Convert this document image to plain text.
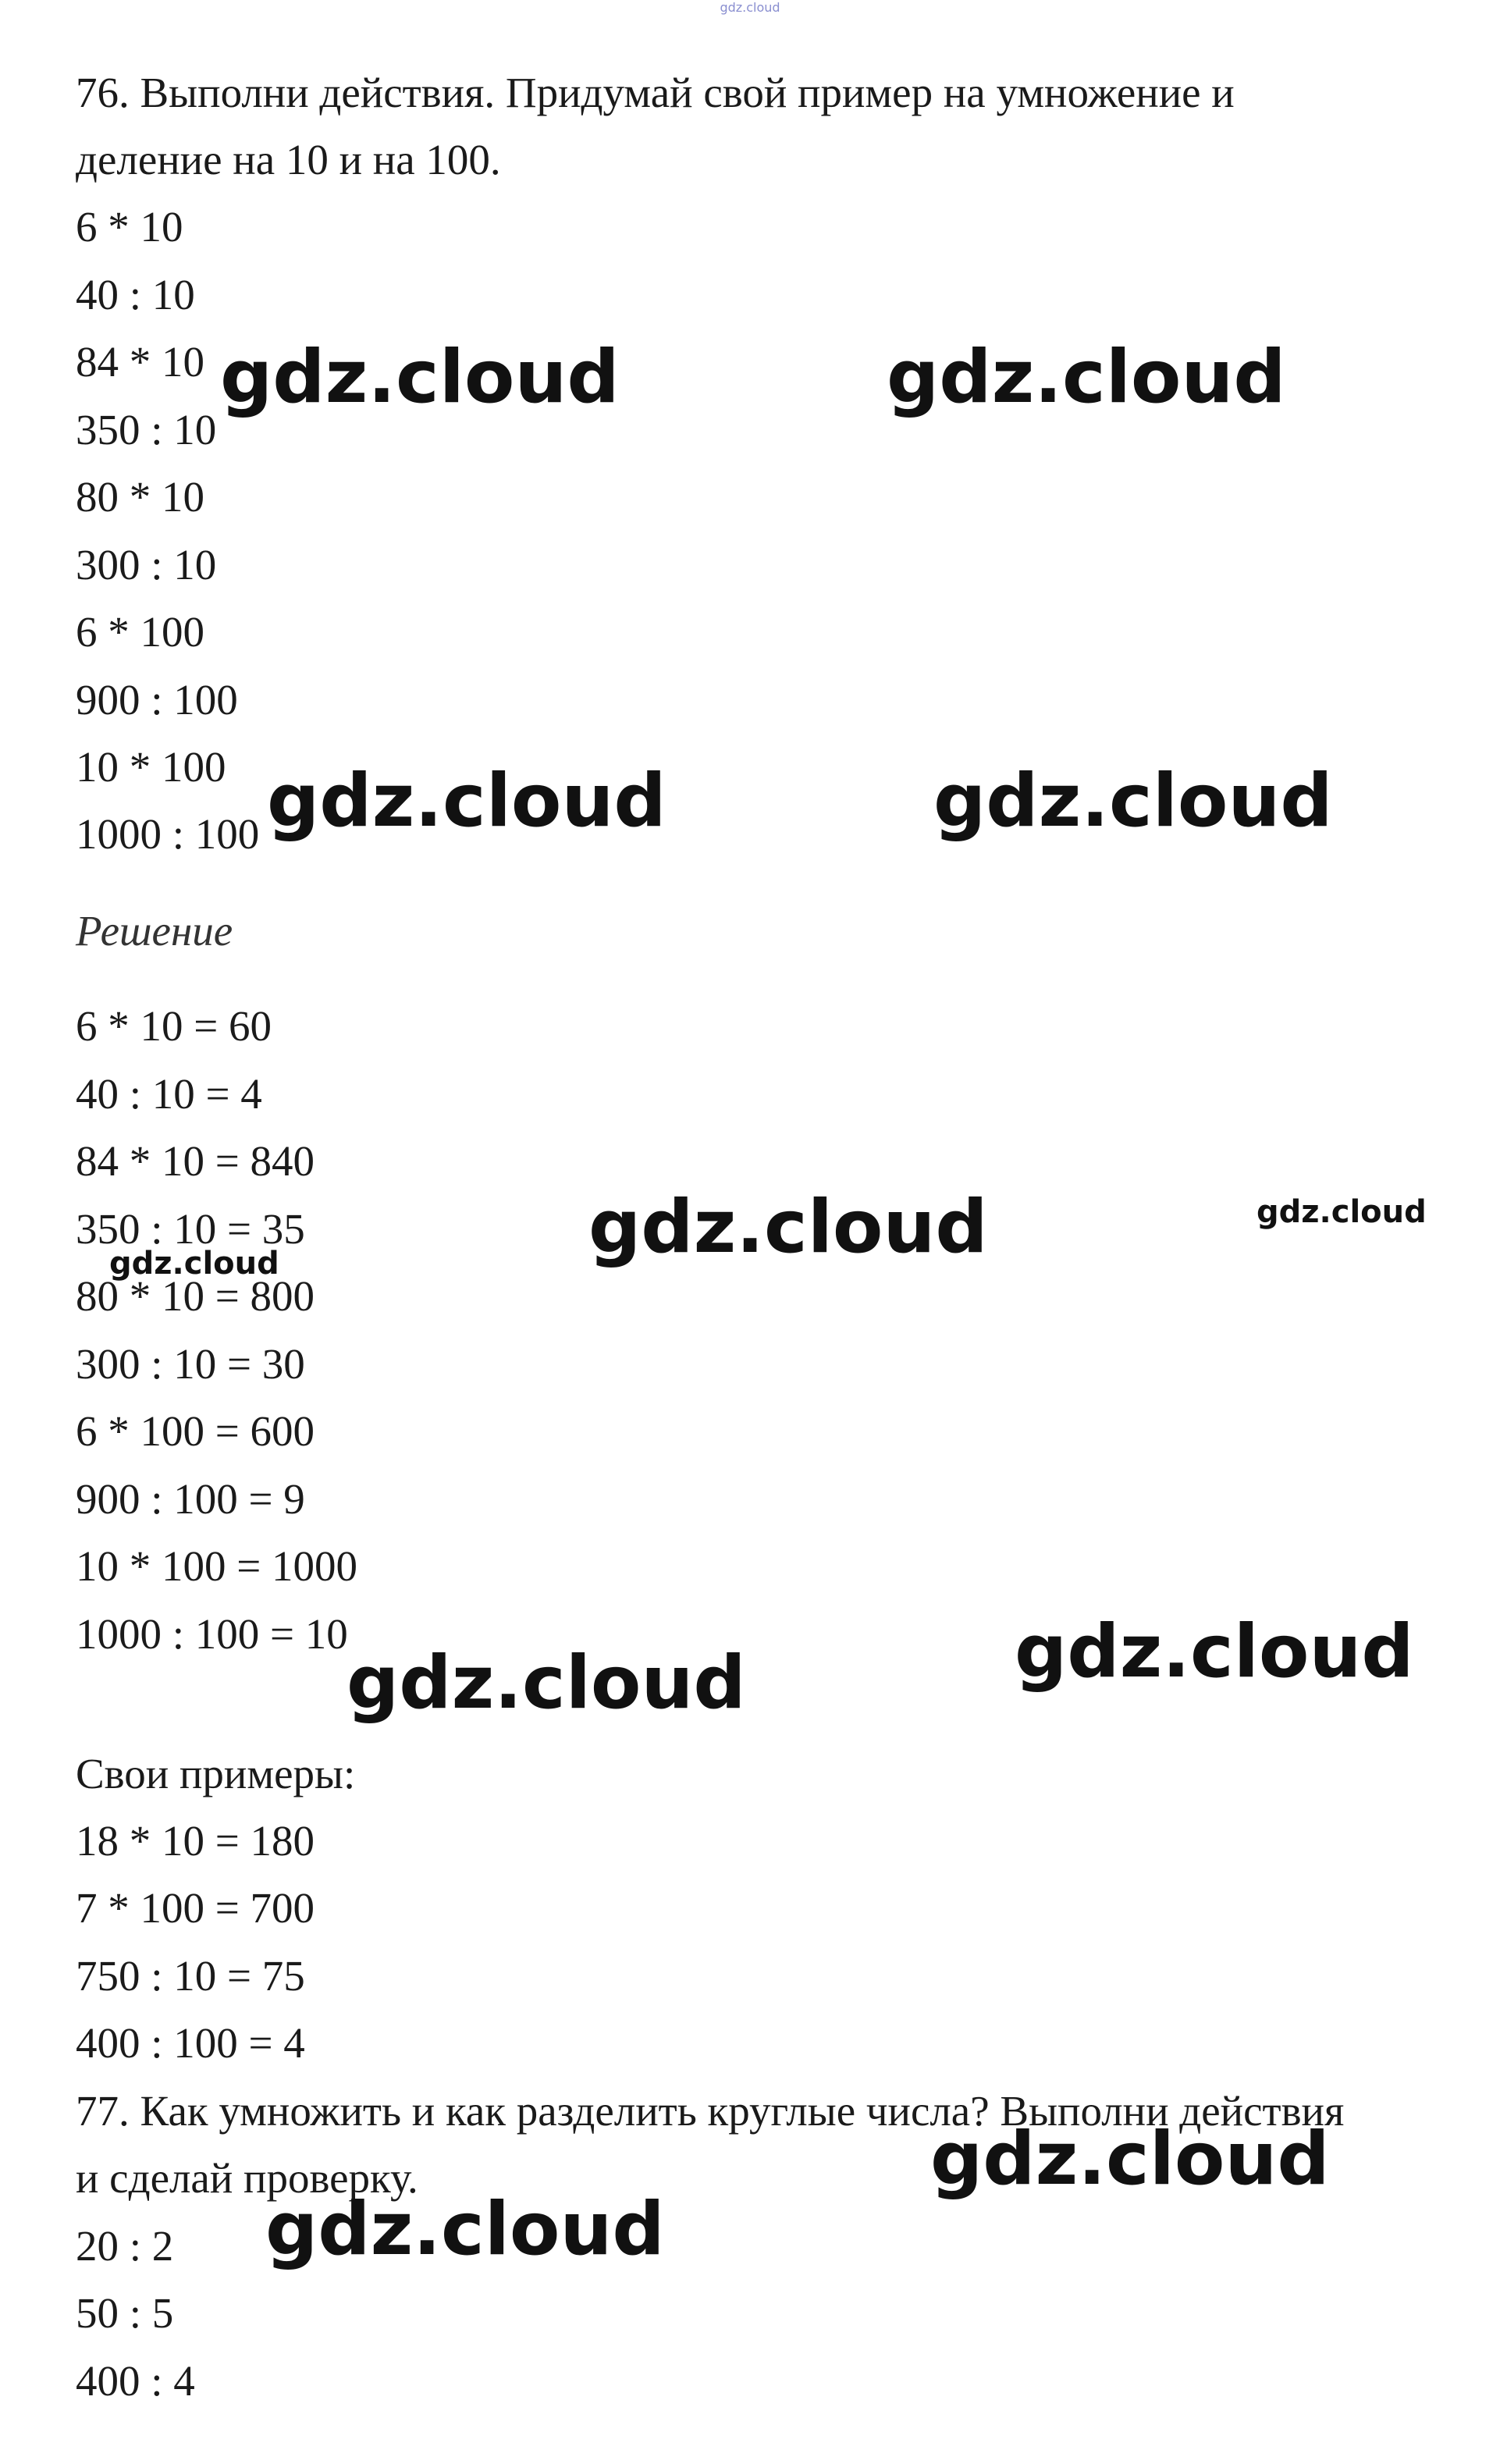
gdz.cloud
76. Выполни действия. Придумай свой пример на умножение и
деление на 10 и на 100.
6 * 10
40 : 10
84 * 10
350 : 10
80 * 10
300 : 10
6 * 100
900 : 100
10 * 100
1000 : 100
Решение
6 * 10 = 60
40 : 10 = 4
84 * 10 = 840
350 : 10 = 35
80 * 10 = 800
300 : 10 = 30
6 * 100 = 600
900 : 100 = 9
10 * 100 = 1000
1000 : 100 = 10
Свои примеры:
18 * 10 = 180
7 * 100 = 700
750 : 10 = 75
400 : 100 = 4
77. Как умножить и как разделить круглые числа? Выполни действия
и сделай проверку.
20 : 2
50 : 5
400 : 4
gdz.cloud	gdz.cloud
gdz.cloud	gdz.cloud
gdz.cloud	gdz.cloud
gdz.cloud
gdz.cloud	gdz.cloud
gdz.cloud
gdz.cloud
